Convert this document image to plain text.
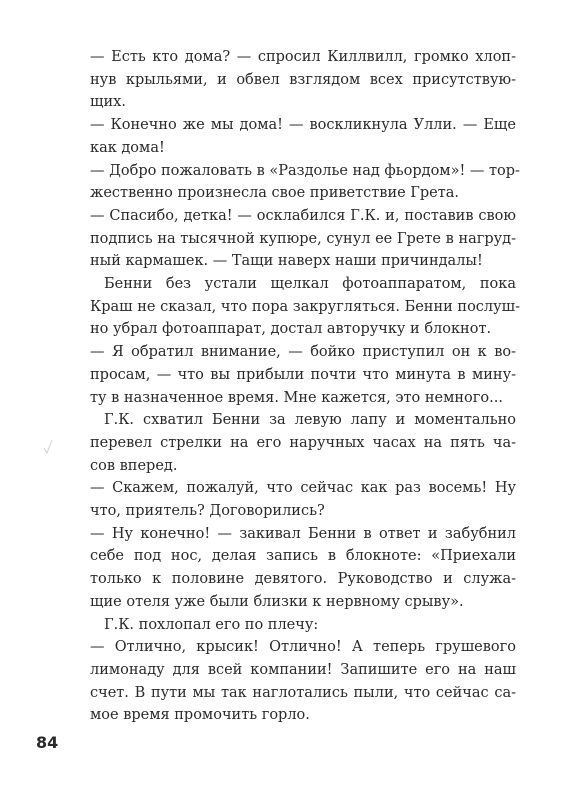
— Есть кто дома? — спросил Киллвилл, громко хлоп-
нув крыльями, и обвел взглядом всех присутствую-
щих.

— Конечно же мы дома! — воскликнула Улли. — Еще
как дома!

— Добро пожаловать в «Раздолье над фьордом»! — тор-
жественно произнесла свое приветствие Грета.

— Спасибо, детка! — осклабился Г.К. и, поставив свою
подпись на тысячной купюре, сунул ее Грете в нагруд-
ный кармашек. — Тащи наверх наши причиндалы!

Бенни без устали щелкал фотоаппаратом, пока
Краш не сказал, что пора закругляться. Бенни послуш-
но убрал фотоаппарат, достал авторучку и блокнот.

— Я обратил внимание, — бойко приступил он к во-
просам, — что вы прибыли почти что минута в мину-
ту в назначенное время. Мне кажется, это немного...

Г.К. схватил Бенни за левую лапу и моментально
перевел стрелки на его наручных часах на пять ча-
сов вперед.

— Скажем, пожалуй, что сейчас как раз восемь! Ну
что, приятель? Договорились?

— Ну конечно! — закивал Бенни в ответ и забубнил
себе под нос, делая запись в блокноте: «Приехали
только к половине девятого. Руководство и служа-
щие отеля уже были близки к нервному срыву».

Г.К. похлопал его по плечу:

— Отлично, крысик! Отлично! А теперь грушевого
лимонаду для всей компании! Запишите его на наш
счет. В пути мы так наглотались пыли, что сейчас са-
мое время промочить горло.

84
